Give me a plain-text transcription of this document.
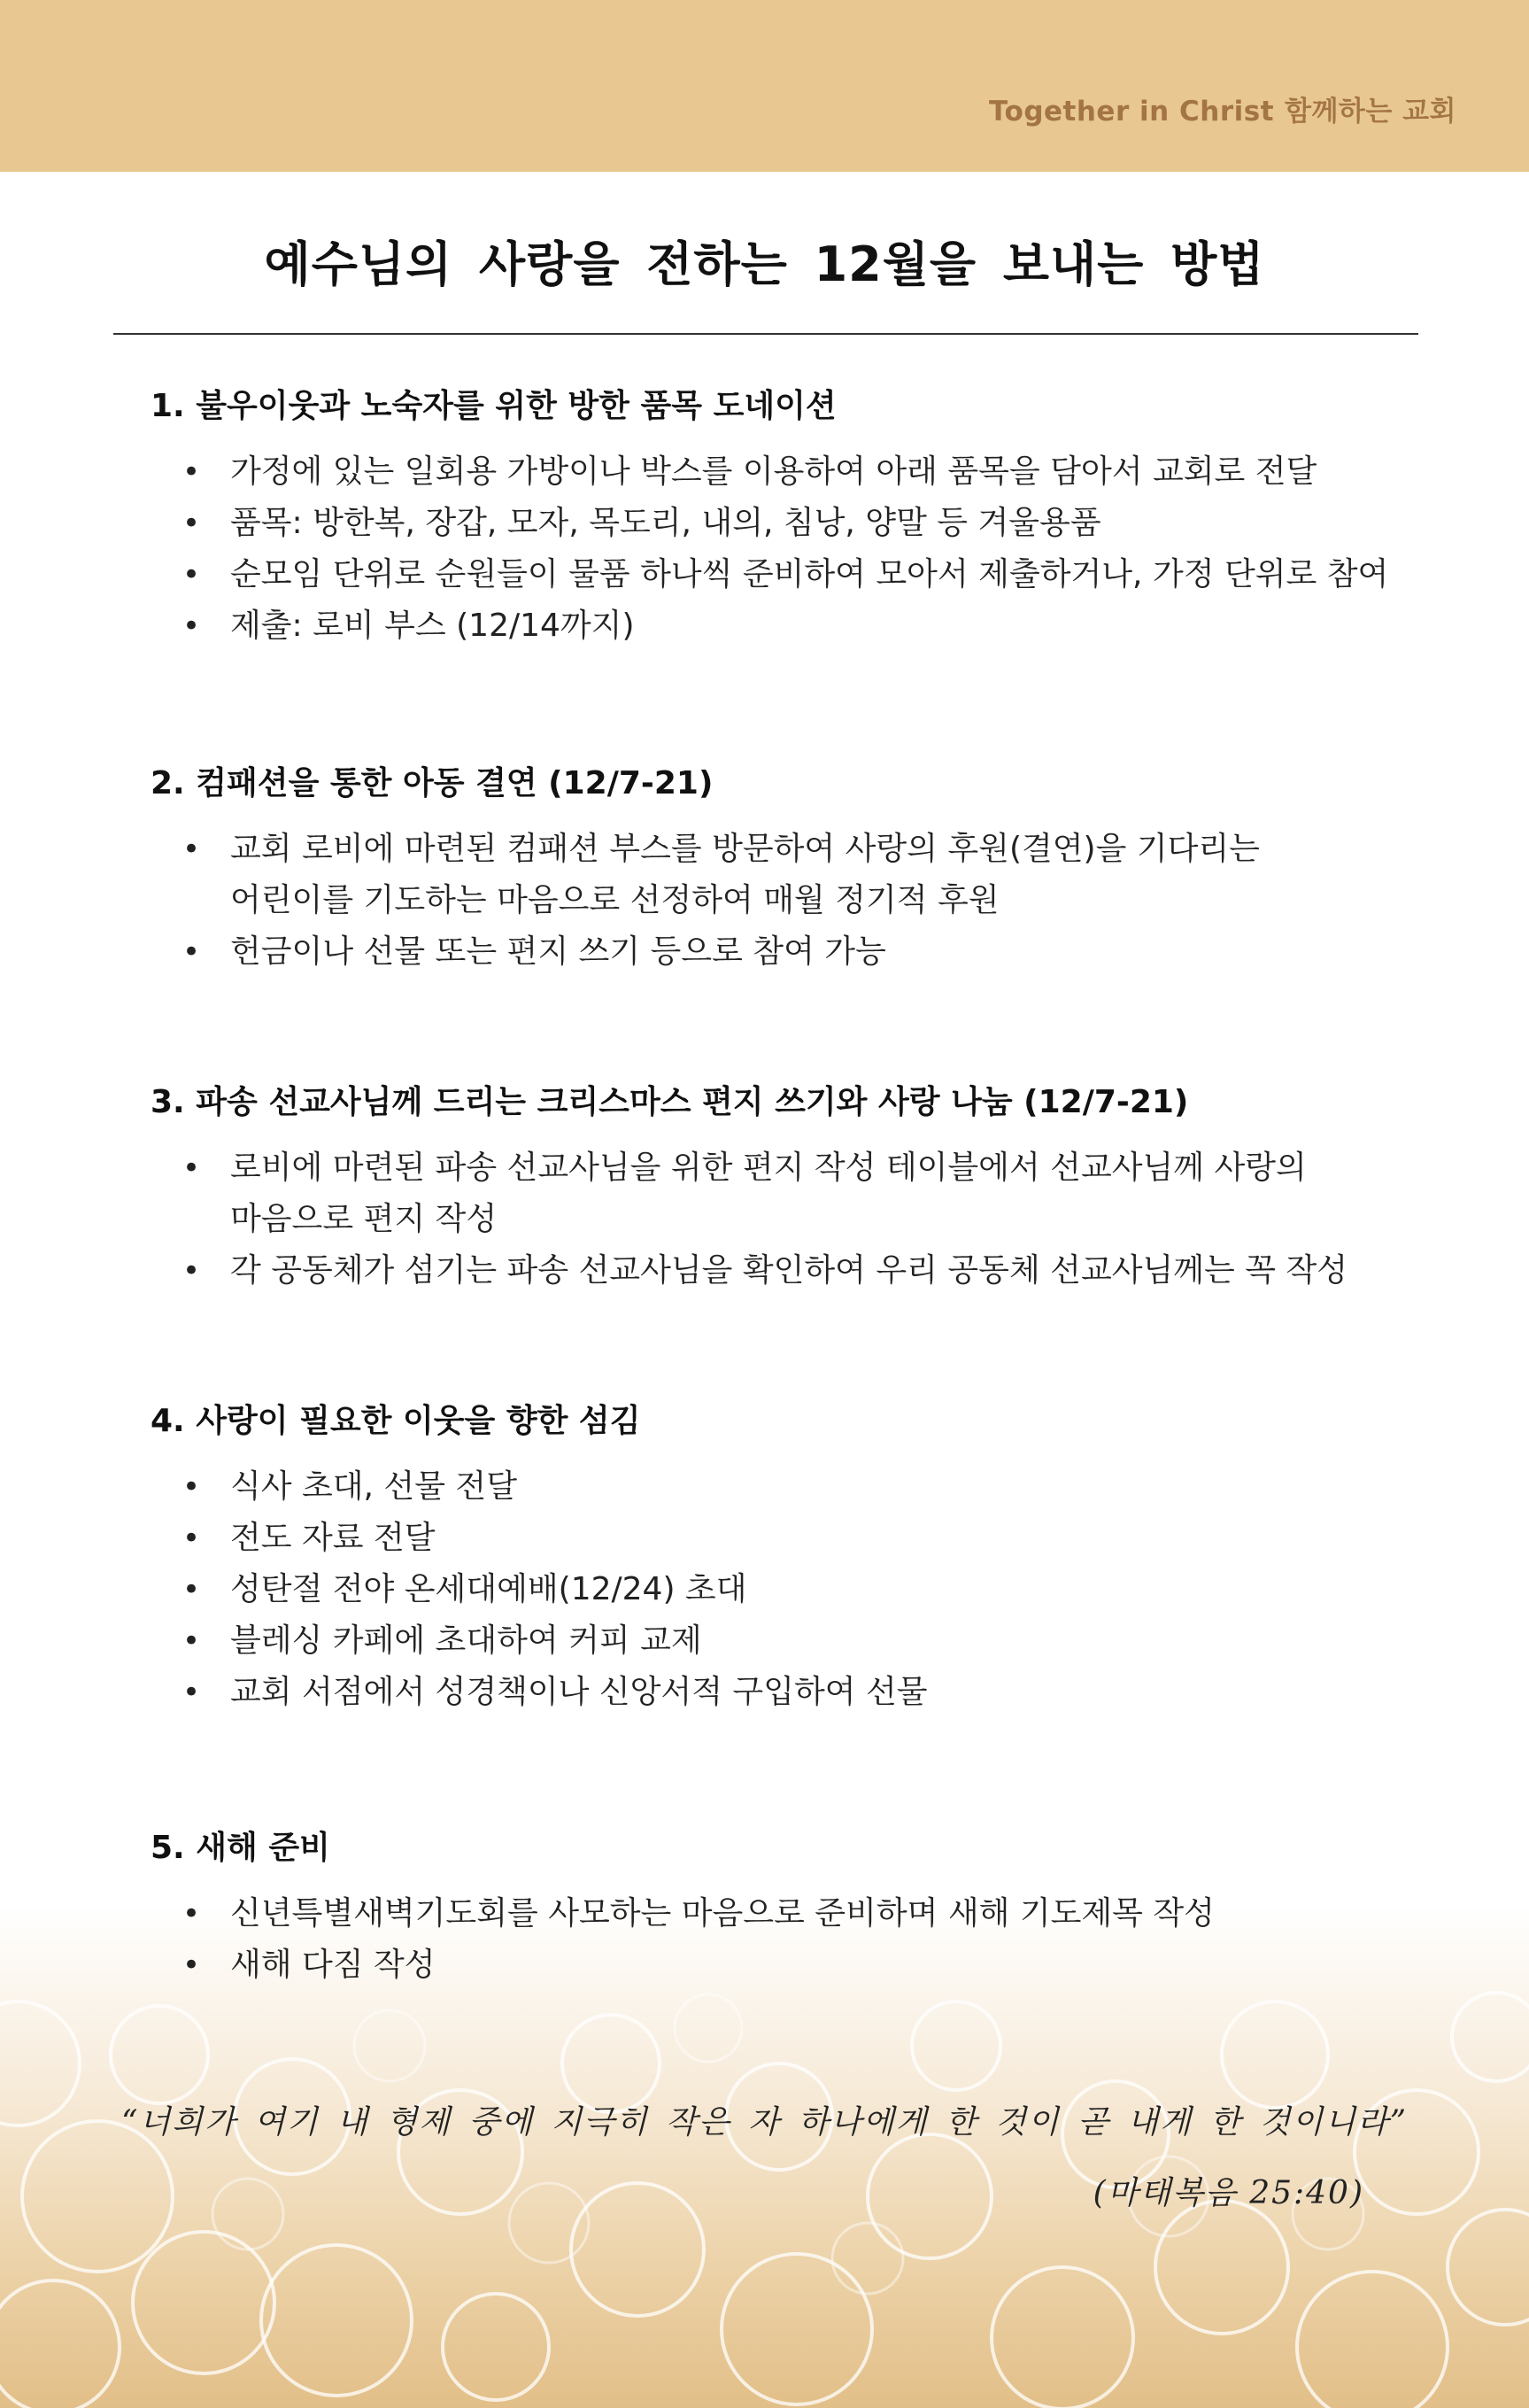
Together in Christ 함께하는 교회
예수님의 사랑을 전하는 12월을 보내는 방법
1. 불우이웃과 노숙자를 위한 방한 품목 도네이션
• 가정에 있는 일회용 가방이나 박스를 이용하여 아래 품목을 담아서 교회로 전달
• 품목: 방한복, 장갑, 모자, 목도리, 내의, 침낭, 양말 등 겨울용품
• 순모임 단위로 순원들이 물품 하나씩 준비하여 모아서 제출하거나, 가정 단위로 참여
• 제출: 로비 부스 (12/14까지)
2. 컴패션을 통한 아동 결연 (12/7-21)
• 교회 로비에 마련된 컴패션 부스를 방문하여 사랑의 후원(결연)을 기다리는
어린이를 기도하는 마음으로 선정하여 매월 정기적 후원
• 헌금이나 선물 또는 편지 쓰기 등으로 참여 가능
3. 파송 선교사님께 드리는 크리스마스 편지 쓰기와 사랑 나눔 (12/7-21)
• 로비에 마련된 파송 선교사님을 위한 편지 작성 테이블에서 선교사님께 사랑의
마음으로 편지 작성
• 각 공동체가 섬기는 파송 선교사님을 확인하여 우리 공동체 선교사님께는 꼭 작성
4. 사랑이 필요한 이웃을 향한 섬김
• 식사 초대, 선물 전달
• 전도 자료 전달
• 성탄절 전야 온세대예배(12/24) 초대
• 블레싱 카페에 초대하여 커피 교제
• 교회 서점에서 성경책이나 신앙서적 구입하여 선물
5. 새해 준비
• 신년특별새벽기도회를 사모하는 마음으로 준비하며 새해 기도제목 작성
• 새해 다짐 작성
“너희가 여기 내 형제 중에 지극히 작은 자 하나에게 한 것이 곧 내게 한 것이니라”
(마태복음 25:40)
